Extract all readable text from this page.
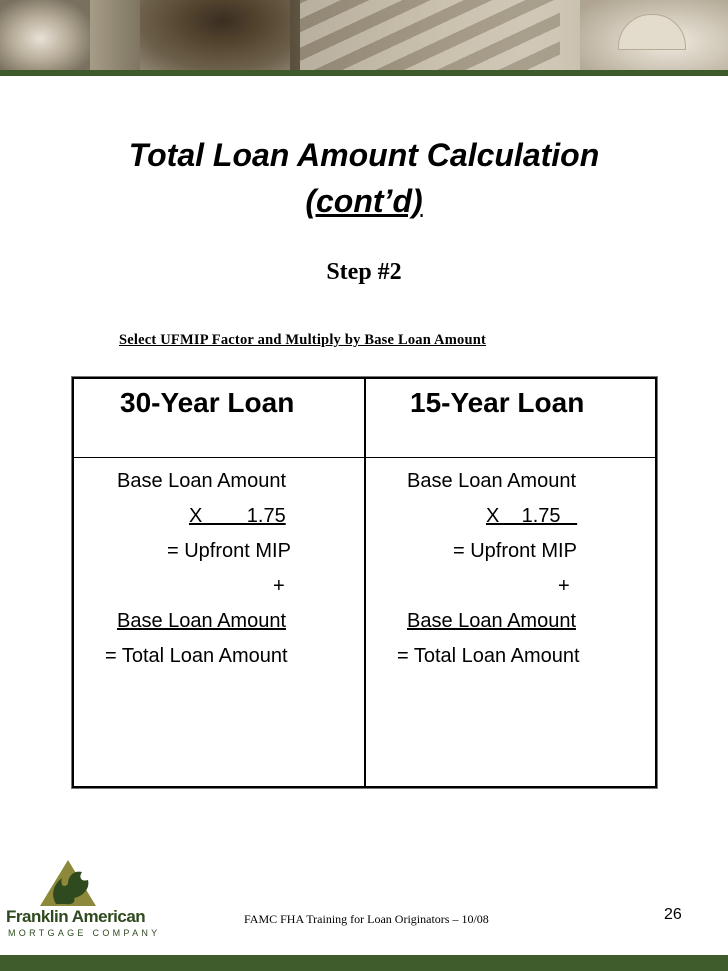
Total Loan Amount Calculation
(cont’d)
Step #2
Select UFMIP Factor and Multiply by Base Loan Amount
30-Year Loan	15-Year Loan
Base Loan Amount
X        1.75
= Upfront MIP
+
Base Loan Amount
= Total Loan Amount
Base Loan Amount
X    1.75
= Upfront MIP
+
Base Loan Amount
= Total Loan Amount
Franklin American
MORTGAGE COMPANY
FAMC FHA Training for Loan Originators – 10/08	26
